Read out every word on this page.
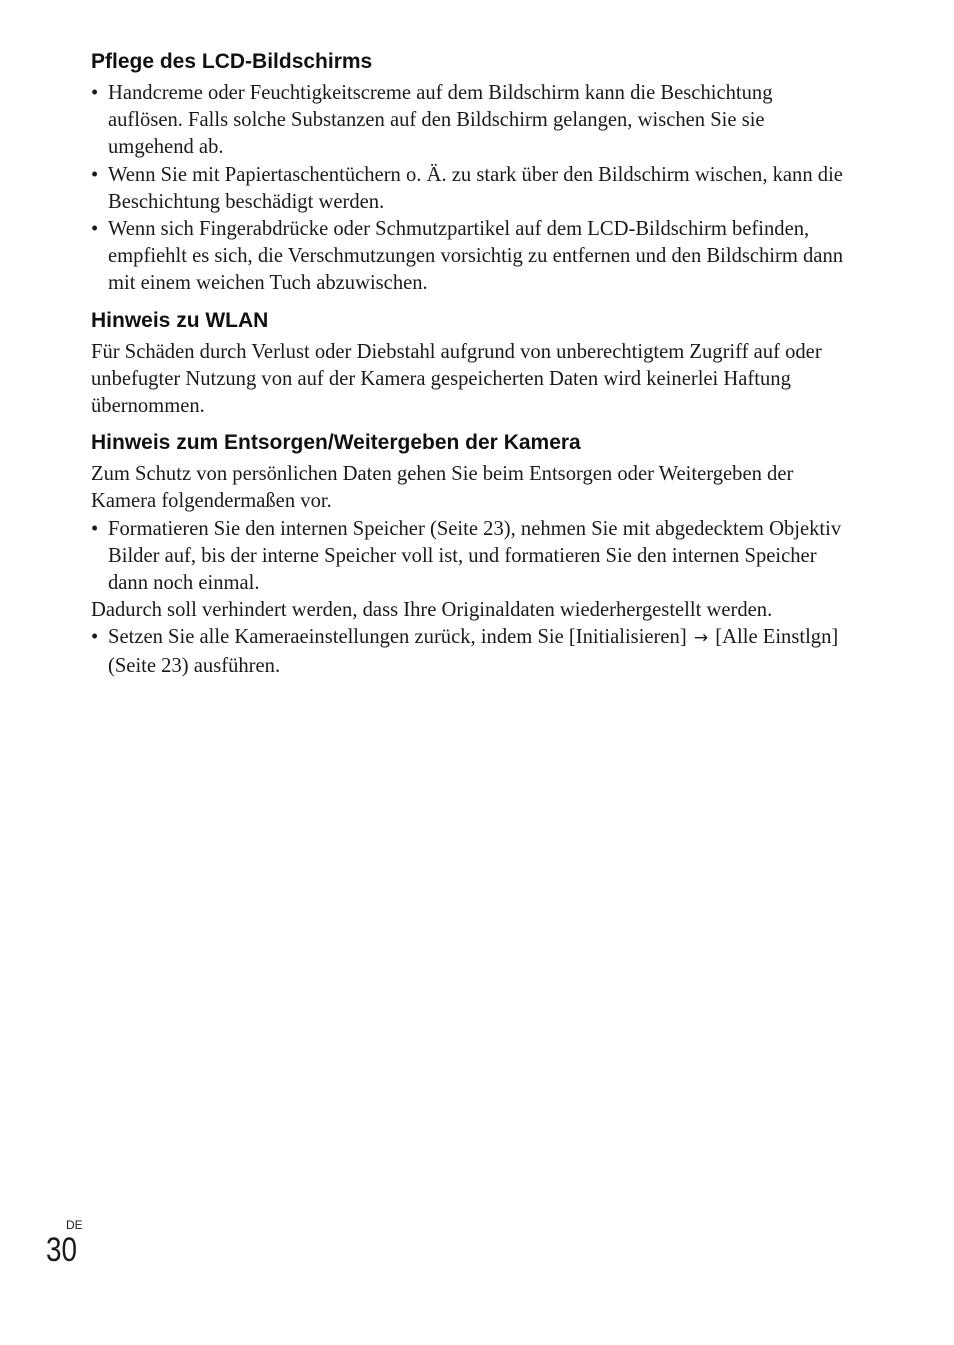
Pflege des LCD-Bildschirms
• Handcreme oder Feuchtigkeitscreme auf dem Bildschirm kann die Beschichtung auflösen. Falls solche Substanzen auf den Bildschirm gelangen, wischen Sie sie umgehend ab.
• Wenn Sie mit Papiertaschentüchern o. Ä. zu stark über den Bildschirm wischen, kann die Beschichtung beschädigt werden.
• Wenn sich Fingerabdrücke oder Schmutzpartikel auf dem LCD-Bildschirm befinden, empfiehlt es sich, die Verschmutzungen vorsichtig zu entfernen und den Bildschirm dann mit einem weichen Tuch abzuwischen.
Hinweis zu WLAN

Für Schäden durch Verlust oder Diebstahl aufgrund von unberechtigtem Zugriff auf oder unbefugter Nutzung von auf der Kamera gespeicherten Daten wird keinerlei Haftung übernommen.

Hinweis zum Entsorgen/Weitergeben der Kamera

Zum Schutz von persönlichen Daten gehen Sie beim Entsorgen oder Weitergeben der Kamera folgendermaßen vor.

• Formatieren Sie den internen Speicher (Seite 23), nehmen Sie mit abgedecktem Objektiv Bilder auf, bis der interne Speicher voll ist, und formatieren Sie den internen Speicher dann noch einmal.

Dadurch soll verhindert werden, dass Ihre Originaldaten wiederhergestellt werden.

• Setzen Sie alle Kameraeinstellungen zurück, indem Sie [Initialisieren] → [Alle Einstlgn] (Seite 23) ausführen.
DE
30
